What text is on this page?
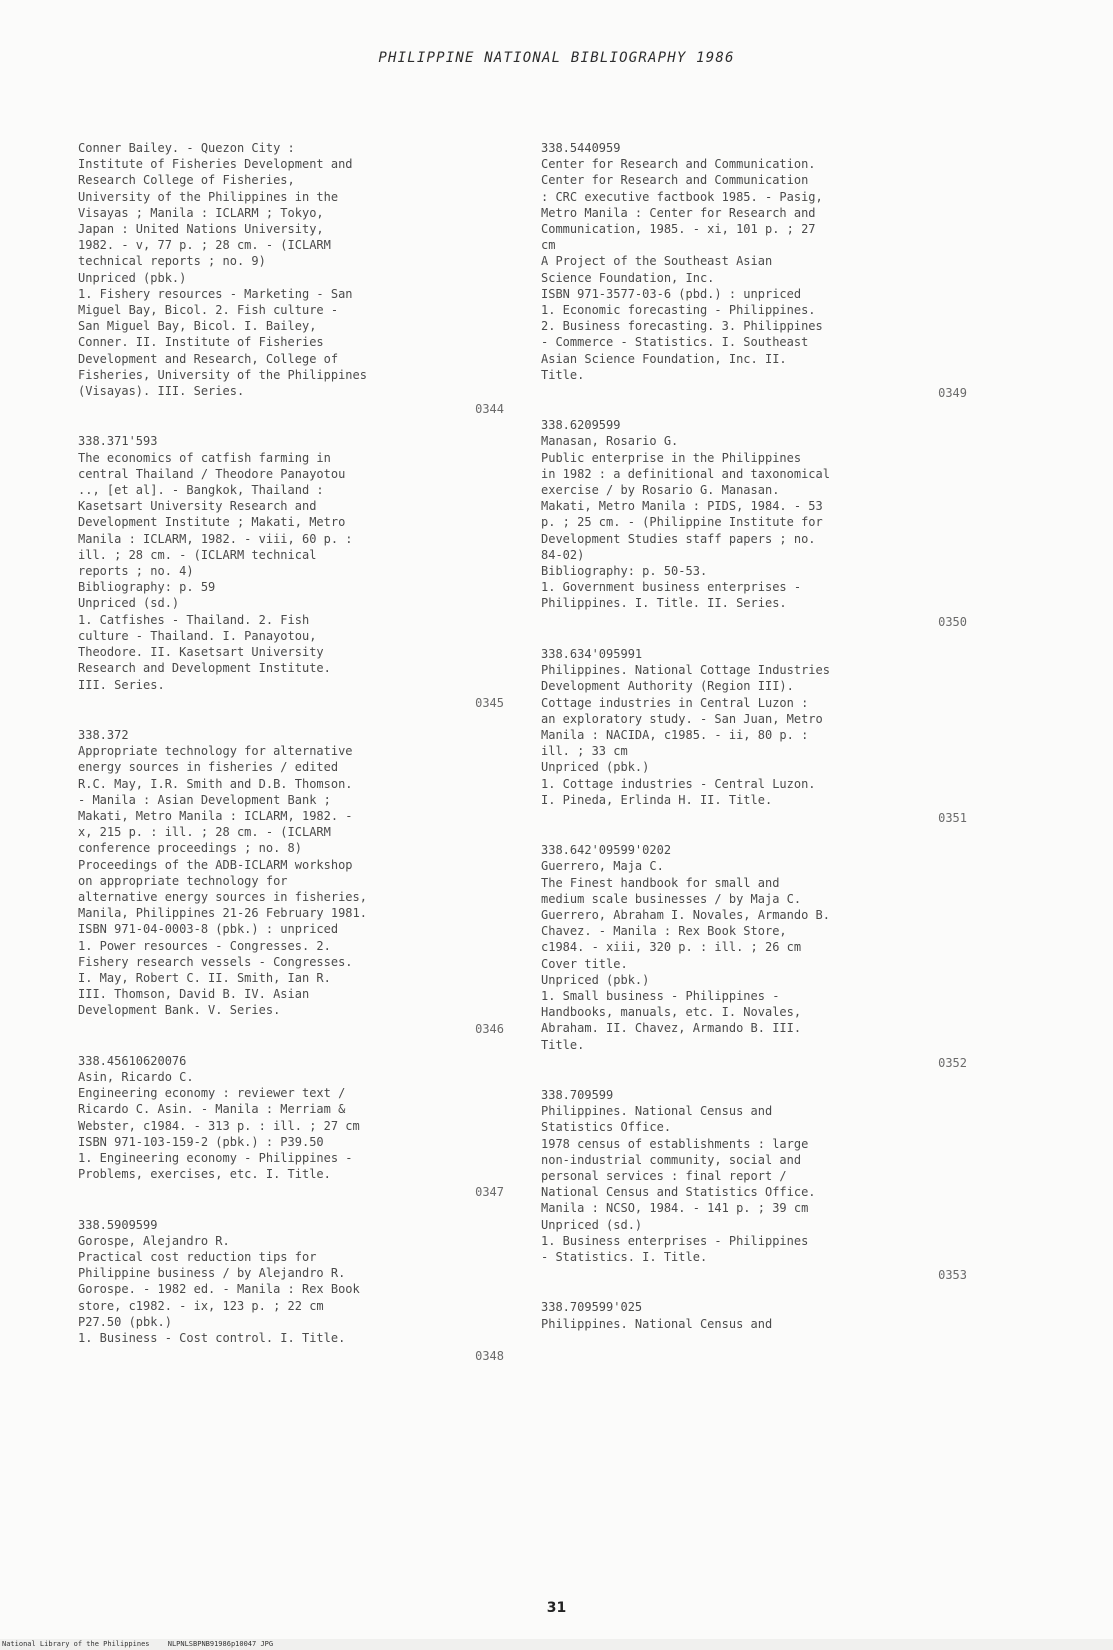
PHILIPPINE NATIONAL BIBLIOGRAPHY 1986
Conner Bailey. - Quezon City :
Institute of Fisheries Development and
Research College of Fisheries,
University of the Philippines in the
Visayas ; Manila : ICLARM ; Tokyo,
Japan : United Nations University,
1982. - v, 77 p. ; 28 cm. - (ICLARM
technical reports ; no. 9)
Unpriced (pbk.)
1. Fishery resources - Marketing - San
Miguel Bay, Bicol. 2. Fish culture -
San Miguel Bay, Bicol. I. Bailey,
Conner. II. Institute of Fisheries
Development and Research, College of
Fisheries, University of the Philippines
(Visayas). III. Series.
0344
338.371'593
The economics of catfish farming in
central Thailand / Theodore Panayotou
.., [et al]. - Bangkok, Thailand :
Kasetsart University Research and
Development Institute ; Makati, Metro
Manila : ICLARM, 1982. - viii, 60 p. :
ill. ; 28 cm. - (ICLARM technical
reports ; no. 4)
Bibliography: p. 59
Unpriced (sd.)
1. Catfishes - Thailand. 2. Fish
culture - Thailand. I. Panayotou,
Theodore. II. Kasetsart University
Research and Development Institute.
III. Series.
0345
338.372
Appropriate technology for alternative
energy sources in fisheries / edited
R.C. May, I.R. Smith and D.B. Thomson.
- Manila : Asian Development Bank ;
Makati, Metro Manila : ICLARM, 1982. -
x, 215 p. : ill. ; 28 cm. - (ICLARM
conference proceedings ; no. 8)
Proceedings of the ADB-ICLARM workshop
on appropriate technology for
alternative energy sources in fisheries,
Manila, Philippines 21-26 February 1981.
ISBN 971-04-0003-8 (pbk.) : unpriced
1. Power resources - Congresses. 2.
Fishery research vessels - Congresses.
I. May, Robert C. II. Smith, Ian R.
III. Thomson, David B. IV. Asian
Development Bank. V. Series.
0346
338.45610620076
Asin, Ricardo C.
Engineering economy : reviewer text /
Ricardo C. Asin. - Manila : Merriam &
Webster, c1984. - 313 p. : ill. ; 27 cm
ISBN 971-103-159-2 (pbk.) : P39.50
1. Engineering economy - Philippines -
Problems, exercises, etc. I. Title.
0347
338.5909599
Gorospe, Alejandro R.
Practical cost reduction tips for
Philippine business / by Alejandro R.
Gorospe. - 1982 ed. - Manila : Rex Book
store, c1982. - ix, 123 p. ; 22 cm
P27.50 (pbk.)
1. Business - Cost control. I. Title.
0348
338.5440959
Center for Research and Communication.
Center for Research and Communication
: CRC executive factbook 1985. - Pasig,
Metro Manila : Center for Research and
Communication, 1985. - xi, 101 p. ; 27
cm
A Project of the Southeast Asian
Science Foundation, Inc.
ISBN 971-3577-03-6 (pbd.) : unpriced
1. Economic forecasting - Philippines.
2. Business forecasting. 3. Philippines
- Commerce - Statistics. I. Southeast
Asian Science Foundation, Inc. II.
Title.
0349
338.6209599
Manasan, Rosario G.
Public enterprise in the Philippines
in 1982 : a definitional and taxonomical
exercise / by Rosario G. Manasan.
Makati, Metro Manila : PIDS, 1984. - 53
p. ; 25 cm. - (Philippine Institute for
Development Studies staff papers ; no.
84-02)
Bibliography: p. 50-53.
1. Government business enterprises -
Philippines. I. Title. II. Series.
0350
338.634'095991
Philippines. National Cottage Industries
Development Authority (Region III).
Cottage industries in Central Luzon :
an exploratory study. - San Juan, Metro
Manila : NACIDA, c1985. - ii, 80 p. :
ill. ; 33 cm
Unpriced (pbk.)
1. Cottage industries - Central Luzon.
I. Pineda, Erlinda H. II. Title.
0351
338.642'09599'0202
Guerrero, Maja C.
The Finest handbook for small and
medium scale businesses / by Maja C.
Guerrero, Abraham I. Novales, Armando B.
Chavez. - Manila : Rex Book Store,
c1984. - xiii, 320 p. : ill. ; 26 cm
Cover title.
Unpriced (pbk.)
1. Small business - Philippines -
Handbooks, manuals, etc. I. Novales,
Abraham. II. Chavez, Armando B. III.
Title.
0352
338.709599
Philippines. National Census and
Statistics Office.
1978 census of establishments : large
non-industrial community, social and
personal services : final report /
National Census and Statistics Office.
Manila : NCSO, 1984. - 141 p. ; 39 cm
Unpriced (sd.)
1. Business enterprises - Philippines
- Statistics. I. Title.
0353
338.709599'025
Philippines. National Census and
31
National Library of the Philippines	NLPNLSBPNB91986p10047 JPG
